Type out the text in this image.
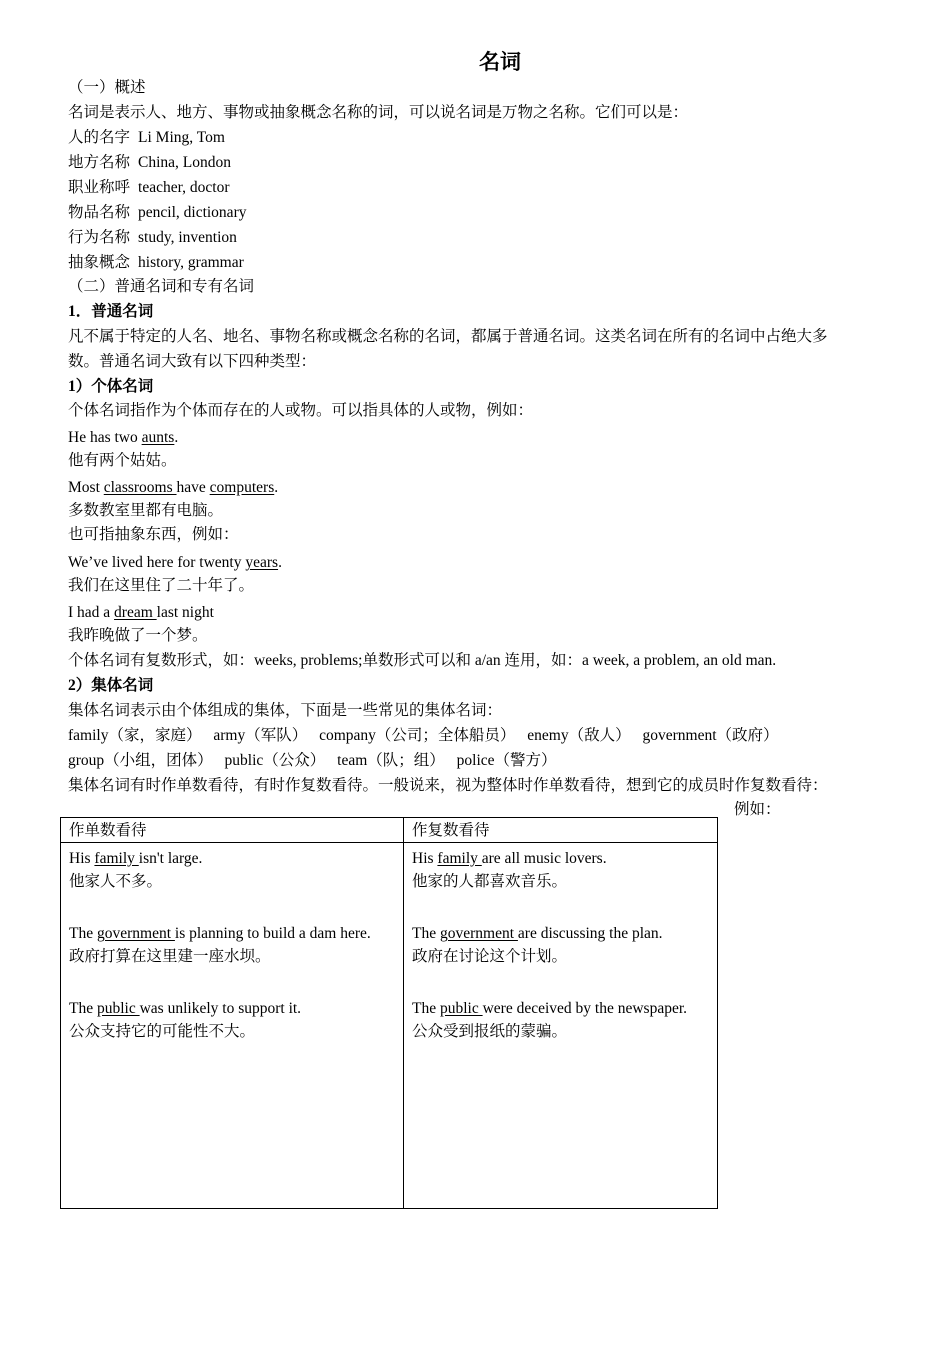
名词
（一）概述
名词是表示人、地方、事物或抽象概念名称的词，可以说名词是万物之名称。它们可以是：
人的名字 Li Ming, Tom
地方名称 China, London
职业称呼 teacher, doctor
物品名称 pencil, dictionary
行为名称 study, invention
抽象概念 history, grammar
（二）普通名词和专有名词
1．普通名词
凡不属于特定的人名、地名、事物名称或概念名称的名词，都属于普通名词。这类名词在所有的名词中占绝大多
数。普通名词大致有以下四种类型：
1）个体名词
个体名词指作为个体而存在的人或物。可以指具体的人或物，例如：
He has two aunts.
他有两个姑姑。
Most classrooms have computers.
多数教室里都有电脑。
也可指抽象东西，例如：
We’ve lived here for twenty years.
我们在这里住了二十年了。
I had a dream last night
我昨晚做了一个梦。
个体名词有复数形式，如：weeks, problems;单数形式可以和 a/an 连用，如：a week, a problem, an old man.
2）集体名词
集体名词表示由个体组成的集体，下面是一些常见的集体名词：
family（家，家庭） army（军队） company（公司；全体船员） enemy（敌人） government（政府）
group（小组，团体） public（公众） team（队；组） police（警方）
集体名词有时作单数看待，有时作复数看待。一般说来，视为整体时作单数看待，想到它的成员时作复数看待：
例如：
作单数看待	作复数看待
His family isn't large.
他家人不多。
The government is planning to build a dam here.
政府打算在这里建一座水坝。
The public was unlikely to support it.
公众支持它的可能性不大。
His family are all music lovers.
他家的人都喜欢音乐。
The government are discussing the plan.
政府在讨论这个计划。
The public were deceived by the newspaper.
公众受到报纸的蒙骗。
